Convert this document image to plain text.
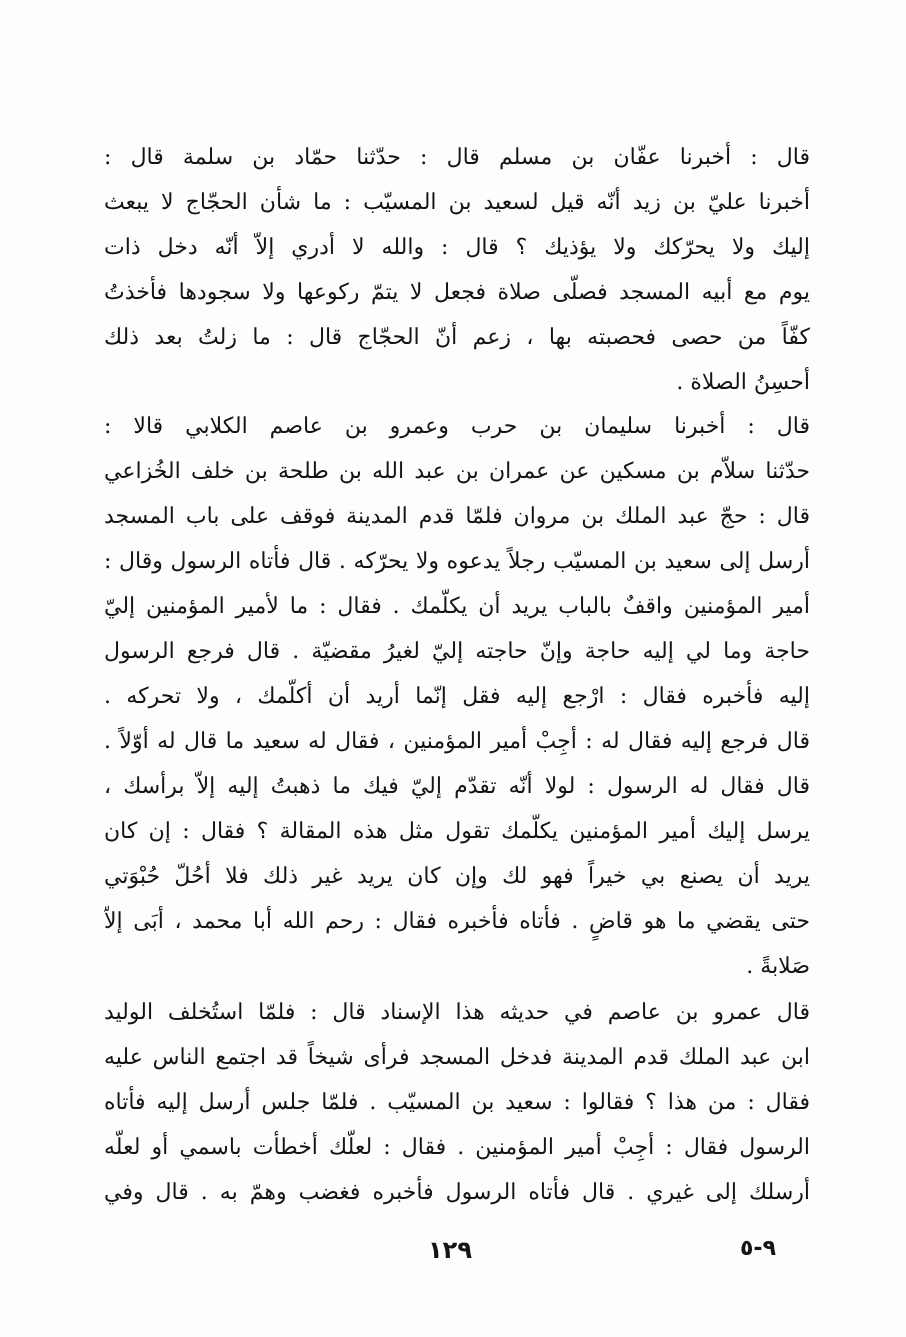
قال : أخبرنا عفّان بن مسلم قال : حدّثنا حمّاد بن سلمة قال :
أخبرنا عليّ بن زيد أنّه قيل لسعيد بن المسيّب : ما شأن الحجّاج لا يبعث
إليك ولا يحرّكك ولا يؤذيك ؟ قال : والله لا أدري إلاّ أنّه دخل ذات
يوم مع أبيه المسجد فصلّى صلاة فجعل لا يتمّ ركوعها ولا سجودها فأخذتُ
كفّاً من حصى فحصبته بها ، زعم أنّ الحجّاج قال : ما زلتُ بعد ذلك
أحسِنُ الصلاة .
قال : أخبرنا سليمان بن حرب وعمرو بن عاصم الكلابي قالا :
حدّثنا سلاّم بن مسكين عن عمران بن عبد الله بن طلحة بن خلف الخُزاعي
قال : حجّ عبد الملك بن مروان فلمّا قدم المدينة فوقف على باب المسجد
أرسل إلى سعيد بن المسيّب رجلاً يدعوه ولا يحرّكه . قال فأتاه الرسول وقال :
أمير المؤمنين واقفٌ بالباب يريد أن يكلّمك . فقال : ما لأمير المؤمنين إليّ
حاجة وما لي إليه حاجة وإنّ حاجته إليّ لغيرُ مقضيّة . قال فرجع الرسول
إليه فأخبره فقال : ارْجع إليه فقل إنّما أريد أن أكلّمك ، ولا تحركه .
قال فرجع إليه فقال له : أجِبْ أمير المؤمنين ، فقال له سعيد ما قال له أوّلاً .
قال فقال له الرسول : لولا أنّه تقدّم إليّ فيك ما ذهبتُ إليه إلاّ برأسك ،
يرسل إليك أمير المؤمنين يكلّمك تقول مثل هذه المقالة ؟ فقال : إن كان
يريد أن يصنع بي خيراً فهو لك وإن كان يريد غير ذلك فلا أحُلّ حُبْوَتي
حتى يقضي ما هو قاضٍ . فأتاه فأخبره فقال : رحم الله أبا محمد ، أبَى إلاّ
صَلابةً .
قال عمرو بن عاصم في حديثه هذا الإسناد قال : فلمّا استُخلف الوليد
ابن عبد الملك قدم المدينة فدخل المسجد فرأى شيخاً قد اجتمع الناس عليه
فقال : من هذا ؟ فقالوا : سعيد بن المسيّب . فلمّا جلس أرسل إليه فأتاه
الرسول فقال : أجِبْ أمير المؤمنين . فقال : لعلّك أخطأت باسمي أو لعلّه
أرسلك إلى غيري . قال فأتاه الرسول فأخبره فغضب وهمّ به . قال وفي
١٢٩	٩-٥
